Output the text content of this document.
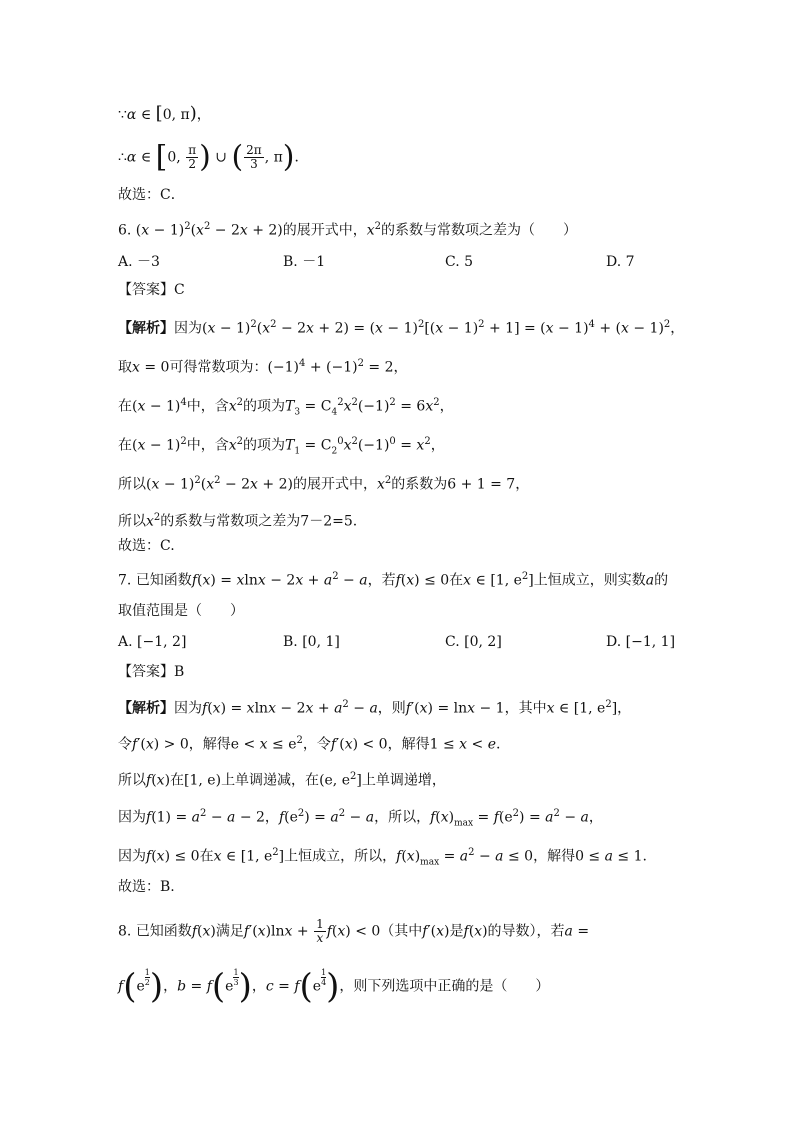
∵α ∈ [0, π)，
∴α ∈ [0, $\frac{\pi}{2}$ ) ∪ ( $\frac{2\pi}{3}$ , π)．
故选：C．
6. $(x - 1)^2(x^2 - 2x + 2)$的展开式中，$x^2$的系数与常数项之差为（　　）
A. －3	B. －1	C. 5	D. 7
【答案】C
【解析】因为$(x - 1)^2(x^2 - 2x + 2) = (x - 1)^2[(x - 1)^2 + 1] = (x - 1)^4 + (x - 1)^2$，
取x = 0可得常数项为：$(-1)^4 + (-1)^2 = 2$，
在$(x - 1)^4$中，含$x^2$的项为$T_3 = C_4^2x^2(-1)^2 = 6x^2$，
在$(x - 1)^2$中，含$x^2$的项为$T_1 = C_2^0x^2(-1)^0 = x^2$，
所以$(x - 1)^2(x^2 - 2x + 2)$的展开式中，$x^2$的系数为6 + 1 = 7，
所以$x^2$的系数与常数项之差为7－2=5.
故选：C.
7. 已知函数$f(x) = xlnx - 2x + a^2 - a$，若f(x) ≤ 0在x ∈ [1, $e^2$]上恒成立，则实数a的
取值范围是（　　）
A. [−1, 2]	B. [0, 1]	C. [0, 2]	D. [−1, 1]
【答案】B
【解析】因为$f(x) = xlnx - 2x + a^2 - a$，则f′(x) = lnx − 1，其中x ∈ [1, $e^2$]，
令f′(x) > 0，解得$e < x \le e^2$，令f′(x) < 0，解得1 ≤ x < e.
所以f(x)在[1, e)上单调递减，在(e, $e^2$]上单调递增，
因为$f(1) = a^2 - a - 2$，$f(e^2) = a^2 - a$，所以，$f(x)_{max} = f(e^2) = a^2 - a$，
因为f(x) ≤ 0在x ∈ [1, $e^2$]上恒成立，所以，$f(x)_{max} = a^2 - a \le 0$，解得0 ≤ a ≤ 1.
故选：B.
8. 已知函数f(x)满足$f'(x)\ln x + \frac{1}{x} f(x) < 0$（其中f′(x)是f(x)的导数），若a =
$f(e \frac{1}{2}$ )，$b = f(e \frac{1}{3}$ )，$c = f(e \frac{1}{4}$ )，则下列选项中正确的是（　　）
